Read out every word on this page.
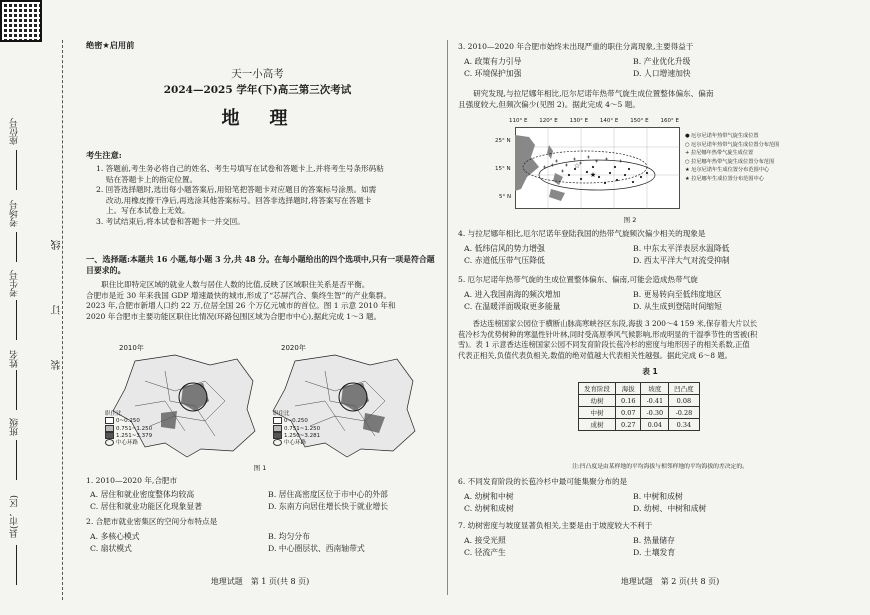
座位号
考场号
考生号
姓名
班级
县(市、区)
线
订
装
绝密★启用前
天一小高考
2024—2025 学年(下)高三第三次考试
地　理
考生注意:
1. 答题前,考生务必将自己的姓名、考生号填写在试卷和答题卡上,并将考生号条形码粘
贴在答题卡上的指定位置。
2. 回答选择题时,选出每小题答案后,用铅笔把答题卡对应题目的答案标号涂黑。如需
改动,用橡皮擦干净后,再选涂其他答案标号。回答非选择题时,将答案写在答题卡
上。写在本试卷上无效。
3. 考试结束后,将本试卷和答题卡一并交回。
一、选择题:本题共 16 小题,每小题 3 分,共 48 分。在每小题给出的四个选项中,只有一项是符合题目要求的。
　　职住比即特定区域的就业人数与居住人数的比值,反映了区域职住关系是否平衡。
合肥市是近 30 年来我国 GDP 增速最快的城市,形成了“芯屏汽合、集终生智”的产业集群。
2023 年,合肥市新增人口约 22 万,位居全国 26 个万亿元城市的首位。图 1 示意 2010 年和
2020 年合肥市主要功能区职住比情况(环路包围区域为合肥市中心),据此完成 1～3 题。
2010年	2020年
职住比
0~0.250
0.751~1.250
1.251~3.379
中心环路
职住比
0~0.250
0.751~1.250
1.250~3.281
中心环路
图 1
1. 2010—2020 年,合肥市
A. 居住和就业密度整体均较高	B. 居住高密度区位于市中心的外部
C. 居住和就业功能区化现象显著	D. 东南方向居住增长快于就业增长
2. 合肥市就业密集区的空间分布特点是
A. 多核心模式	B. 均匀分布
C. 扇状模式	D. 中心圈层状、西南轴带式
地理试题　第 1 页(共 8 页)
3. 2010—2020 年合肥市始终未出现严重的职住分离现象,主要得益于
A. 政策有力引导	B. 产业优化升级
C. 环境保护加强	D. 人口增速加快
　　研究发现,与拉尼娜年相比,厄尔尼诺年热带气旋生成位置整体偏东、偏南
且强度较大,但频次偏少(见图 2)。据此完成 4～5 题。
110° E 120° E 130° E 140° E 150° E 160° E
25° N
15° N
5° N
★
☆
● 厄尔尼诺年热带气旋生成位置
○ 厄尔尼诺年热带气旋生成位置分布范围
+ 拉尼娜年热带气旋生成位置
○ 拉尼娜年热带气旋生成位置分布范围
★ 厄尔尼诺年生成位置分布范围中心
★ 拉尼娜年生成位置分布范围中心
图 2
4. 与拉尼娜年相比,厄尔尼诺年登陆我国的热带气旋频次偏少相关的现象是
A. 低纬信风的势力增强	B. 中东太平洋表层水温降低
C. 赤道低压带气压降低	D. 西太平洋大气对流受抑制
5. 厄尔尼诺年热带气旋的生成位置整体偏东、偏南,可能会造成热带气旋
A. 进入我国南海的频次增加	B. 更易转向至低纬度地区
C. 在温暖洋面吸取更多能量	D. 从生成到登陆时间缩短
　　香达连榜国家公园位于横断山脉高寒峡谷区东段,海拔 3 200～4 159 米,保存着大片以长
苞冷杉为优势树种的寒温性针叶林,同时受高原季风气候影响,形成明显的干湿季节性的雪被(积
雪)。表 1 示意香达连榜国家公园不同发育阶段长苞冷杉的密度与地形因子的相关系数,正值
代表正相关,负值代表负相关,数值的绝对值越大代表相关性越强。据此完成 6～8 题。
表 1
发育阶段	海拔	坡度	凹凸度
幼树	0.16	-0.41	0.08
中树	0.07	-0.30	-0.28
成树	0.27	0.04	0.34
注:凹凸度是由某样地的平均海拔与相邻样地的平均海拔的差决定的。
6. 不同发育阶段的长苞冷杉中最可能集聚分布的是
A. 幼树和中树	B. 中树和成树
C. 幼树和成树	D. 幼树、中树和成树
7. 幼树密度与坡度显著负相关,主要是由于坡度较大不利于
A. 接受光照	B. 热量储存
C. 径流产生	D. 土壤发育
地理试题　第 2 页(共 8 页)
